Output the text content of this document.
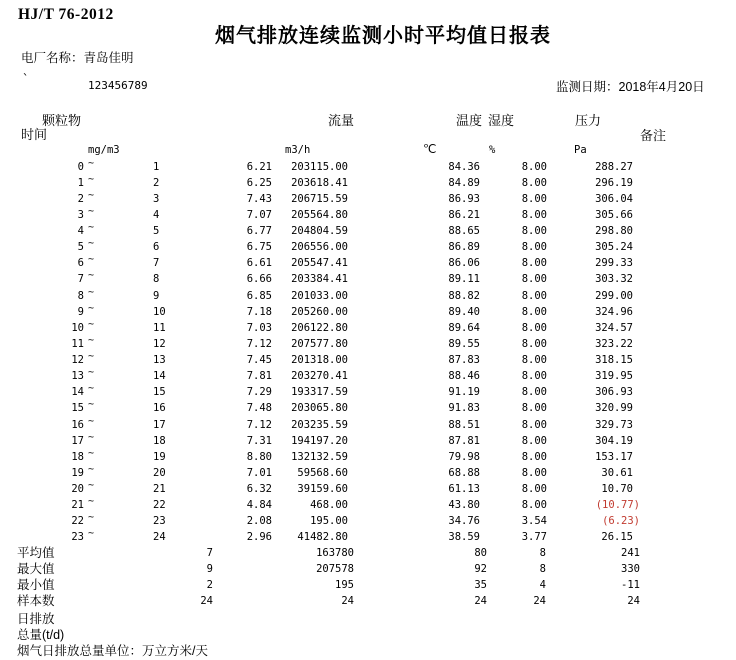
HJ/T 76-2012
烟气排放连续监测小时平均值日报表
电厂名称：青岛佳明
`	123456789	监测日期：2018年4月20日
颗粒物	流量	温度 湿度	压力
时间	备注
mg/m3	m3/h	℃	%	Pa
0 ~	1	6.21	203115.00	84.36	8.00	288.27
1 ~	2	6.25	203618.41	84.89	8.00	296.19
2 ~	3	7.43	206715.59	86.93	8.00	306.04
3 ~	4	7.07	205564.80	86.21	8.00	305.66
4 ~	5	6.77	204804.59	88.65	8.00	298.80
5 ~	6	6.75	206556.00	86.89	8.00	305.24
6 ~	7	6.61	205547.41	86.06	8.00	299.33
7 ~	8	6.66	203384.41	89.11	8.00	303.32
8 ~	9	6.85	201033.00	88.82	8.00	299.00
9 ~	10	7.18	205260.00	89.40	8.00	324.96
10 ~	11	7.03	206122.80	89.64	8.00	324.57
11 ~	12	7.12	207577.80	89.55	8.00	323.22
12 ~	13	7.45	201318.00	87.83	8.00	318.15
13 ~	14	7.81	203270.41	88.46	8.00	319.95
14 ~	15	7.29	193317.59	91.19	8.00	306.93
15 ~	16	7.48	203065.80	91.83	8.00	320.99
16 ~	17	7.12	203235.59	88.51	8.00	329.73
17 ~	18	7.31	194197.20	87.81	8.00	304.19
18 ~	19	8.80	132132.59	79.98	8.00	153.17
19 ~	20	7.01	59568.60	68.88	8.00	30.61
20 ~	21	6.32	39159.60	61.13	8.00	10.70
21 ~	22	4.84	468.00	43.80	8.00	(10.77)
22 ~	23	2.08	195.00	34.76	3.54	(6.23)
23 ~	24	2.96	41482.80	38.59	3.77	26.15
平均值	7	163780	80	8	241
最大值	9	207578	92	8	330
最小值	2	195	35	4	-11
样本数	24	24	24	24	24
日排放
总量(t/d)
烟气日排放总量单位：万立方米/天
